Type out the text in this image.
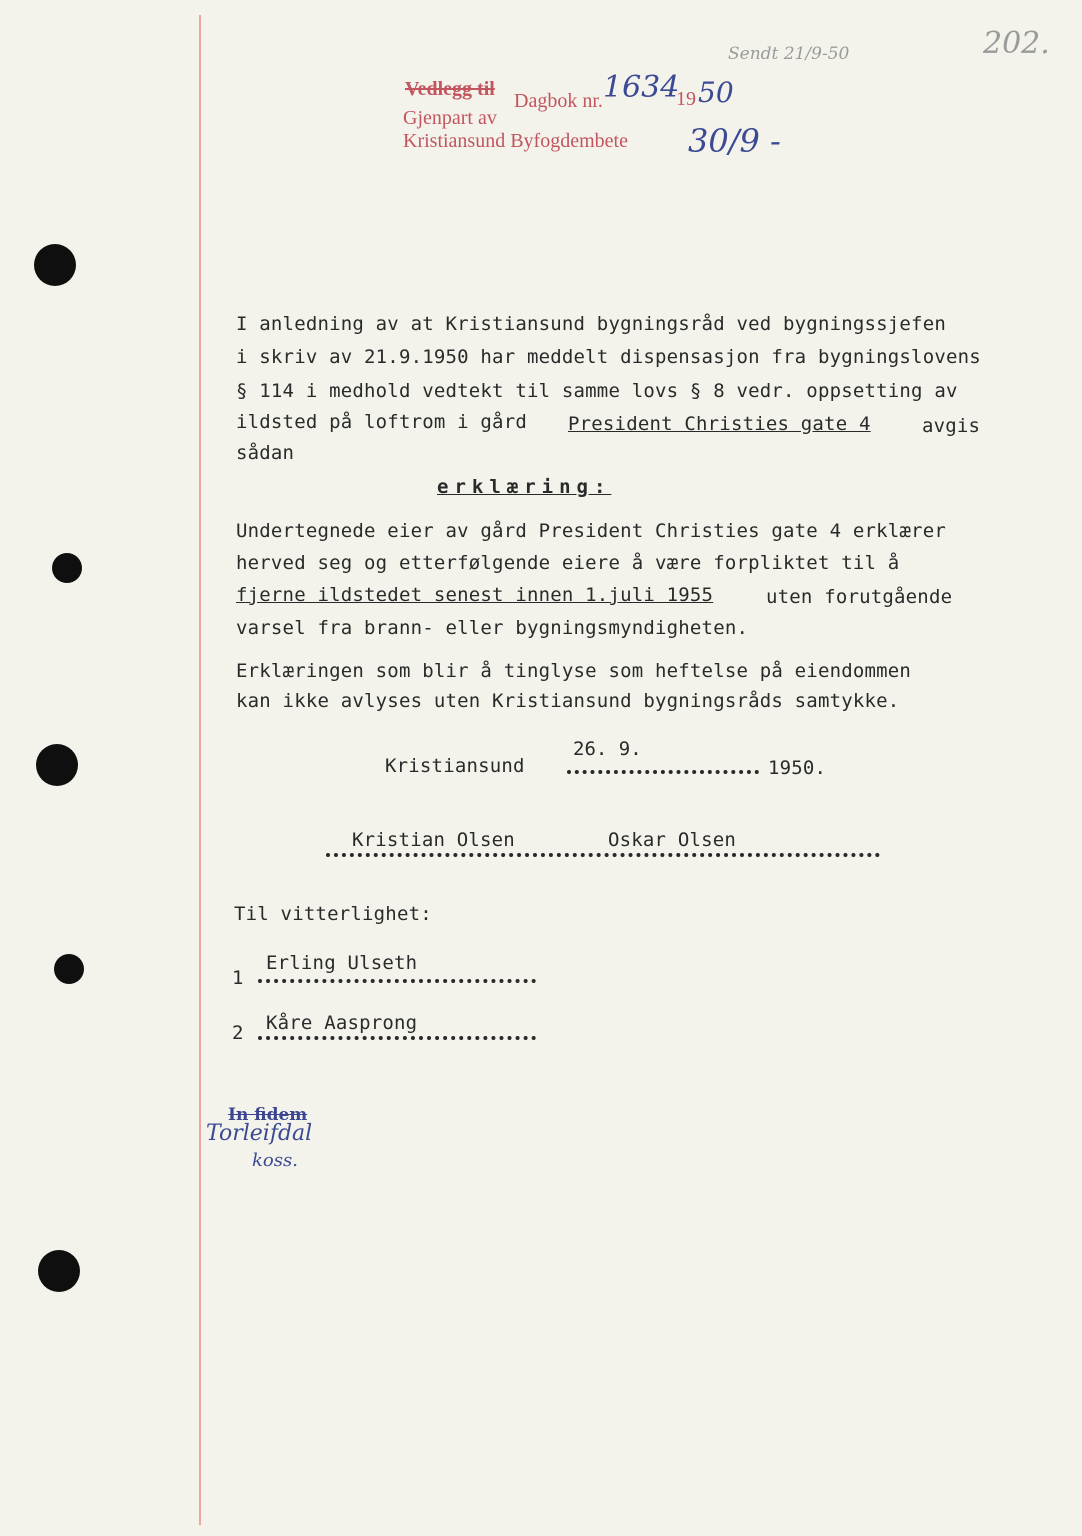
202.
Sendt 21/9-50
Vedlegg til
Dagbok nr. 1634
19 50
Gjenpart av
Kristiansund Byfogdembete 30/9 -
I anledning av at Kristiansund bygningsråd ved bygningssjefen
i skriv av 21.9.1950 har meddelt dispensasjon fra bygningslovens
§ 114 i medhold vedtekt til samme lovs § 8 vedr. oppsetting av
ildsted på loftrom i gård President Christies gate 4	avgis
sådan
erklæring:
Undertegnede eier av gård President Christies gate 4 erklærer
herved seg og etterfølgende eiere å være forpliktet til å
fjerne ildstedet senest innen 1.juli 1955	uten forutgående
varsel fra brann- eller bygningsmyndigheten.
Erklæringen som blir å tinglyse som heftelse på eiendommen
kan ikke avlyses uten Kristiansund bygningsråds samtykke.
Kristiansund
26. 9.
1950.
Kristian Olsen	Oskar Olsen
Til vitterlighet:
1
Erling Ulseth
2 Kåre Aasprong
In fidem
Torleifdal
koss.
